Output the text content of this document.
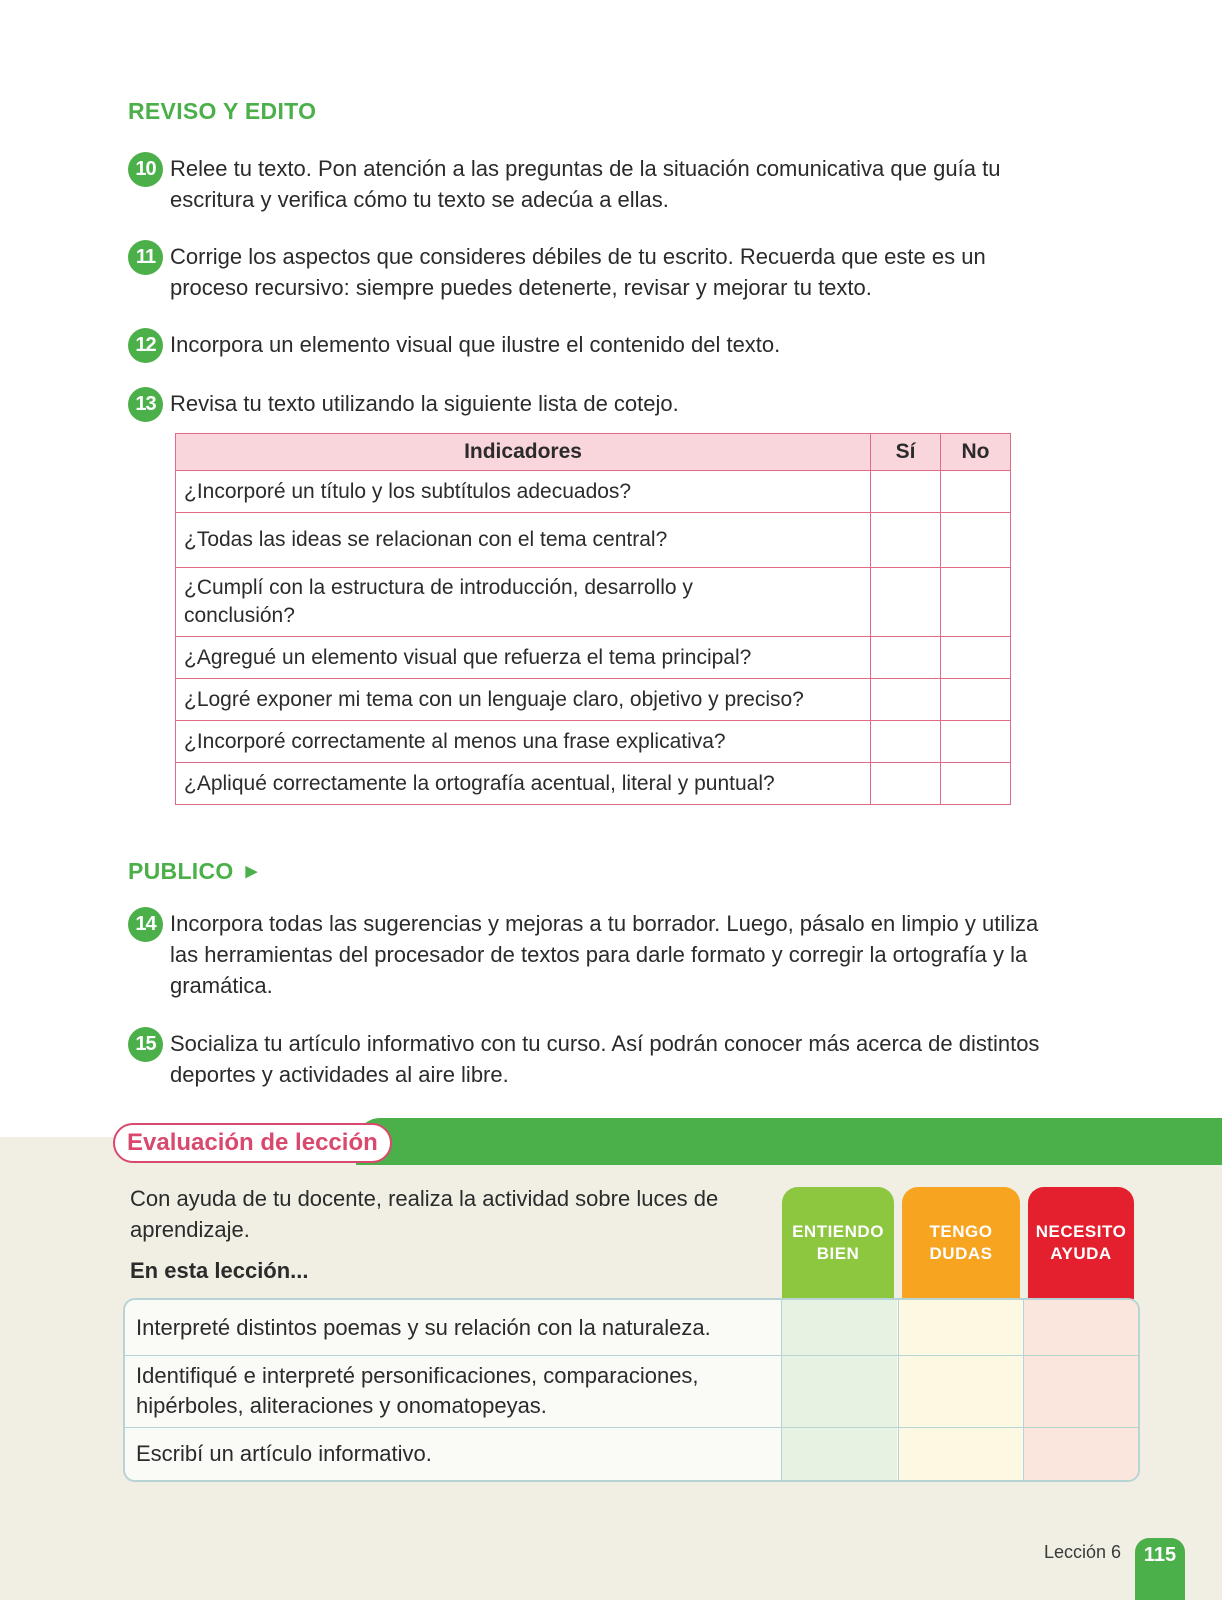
REVISO Y EDITO
10 Relee tu texto. Pon atención a las preguntas de la situación comunicativa que guía tu escritura y verifica cómo tu texto se adecúa a ellas.
11 Corrige los aspectos que consideres débiles de tu escrito. Recuerda que este es un proceso recursivo: siempre puedes detenerte, revisar y mejorar tu texto.
12 Incorpora un elemento visual que ilustre el contenido del texto.
13 Revisa tu texto utilizando la siguiente lista de cotejo.
Indicadores	Sí	No
¿Incorporé un título y los subtítulos adecuados?		
¿Todas las ideas se relacionan con el tema central?		

¿Cumplí con la estructura de introducción, desarrollo y conclusión?		

¿Agregué un elemento visual que refuerza el tema principal?		
¿Logré exponer mi tema con un lenguaje claro, objetivo y preciso?		
¿Incorporé correctamente al menos una frase explicativa?		
¿Apliqué correctamente la ortografía acentual, literal y puntual?		
PUBLICO ▶
14 Incorpora todas las sugerencias y mejoras a tu borrador. Luego, pásalo en limpio y utiliza las herramientas del procesador de textos para darle formato y corregir la ortografía y la gramática.
15 Socializa tu artículo informativo con tu curso. Así podrán conocer más acerca de distintos deportes y actividades al aire libre.
Evaluación de lección
Con ayuda de tu docente, realiza la actividad sobre luces de aprendizaje.
En esta lección...
ENTIENDO BIEN
TENGO DUDAS
NECESITO AYUDA
Interpreté distintos poemas y su relación con la naturaleza.
Identifiqué e interpreté personificaciones, comparaciones, hipérboles, aliteraciones y onomatopeyas.
Escribí un artículo informativo.
Lección 6	115
